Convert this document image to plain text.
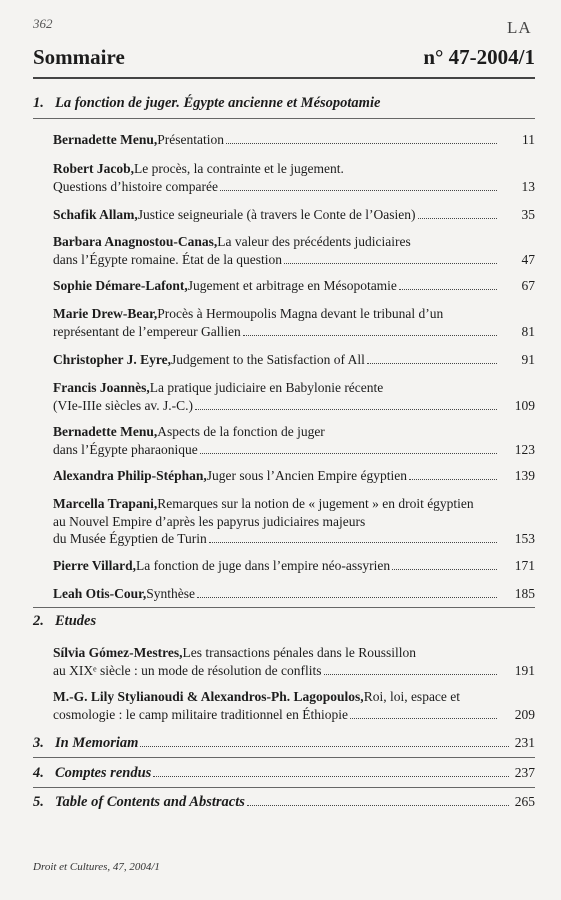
362	LA
Sommaire	n° 47-2004/1
1. La fonction de juger. Égypte ancienne et Mésopotamie
Bernadette Menu, Présentation	11
Robert Jacob, Le procès, la contrainte et le jugement.
Questions d’histoire comparée	13
Schafik Allam, Justice seigneuriale (à travers le Conte de l’Oasien)	35
Barbara Anagnostou-Canas, La valeur des précédents judiciaires
dans l’Égypte romaine. État de la question	47
Sophie Démare-Lafont, Jugement et arbitrage en Mésopotamie	67
Marie Drew-Bear, Procès à Hermoupolis Magna devant le tribunal d’un
représentant de l’empereur Gallien	81
Christopher J. Eyre, Judgement to the Satisfaction of All	91
Francis Joannès, La pratique judiciaire en Babylonie récente
(VIe-IIIe siècles av. J.-C.)	109
Bernadette Menu, Aspects de la fonction de juger
dans l’Égypte pharaonique	123
Alexandra Philip-Stéphan, Juger sous l’Ancien Empire égyptien	139
Marcella Trapani, Remarques sur la notion de « jugement » en droit égyptien
au Nouvel Empire d’après les papyrus judiciaires majeurs
du Musée Égyptien de Turin	153
Pierre Villard, La fonction de juge dans l’empire néo-assyrien	171
Leah Otis-Cour, Synthèse	185
2. Etudes
Sílvia Gómez-Mestres, Les transactions pénales dans le Roussillon
au XIXᵉ siècle : un mode de résolution de conflits	191
M.-G. Lily Stylianoudi & Alexandros-Ph. Lagopoulos, Roi, loi, espace et
cosmologie : le camp militaire traditionnel en Éthiopie	209
3. In Memoriam	231
4. Comptes rendus	237
5. Table of Contents and Abstracts	265
Droit et Cultures, 47, 2004/1
